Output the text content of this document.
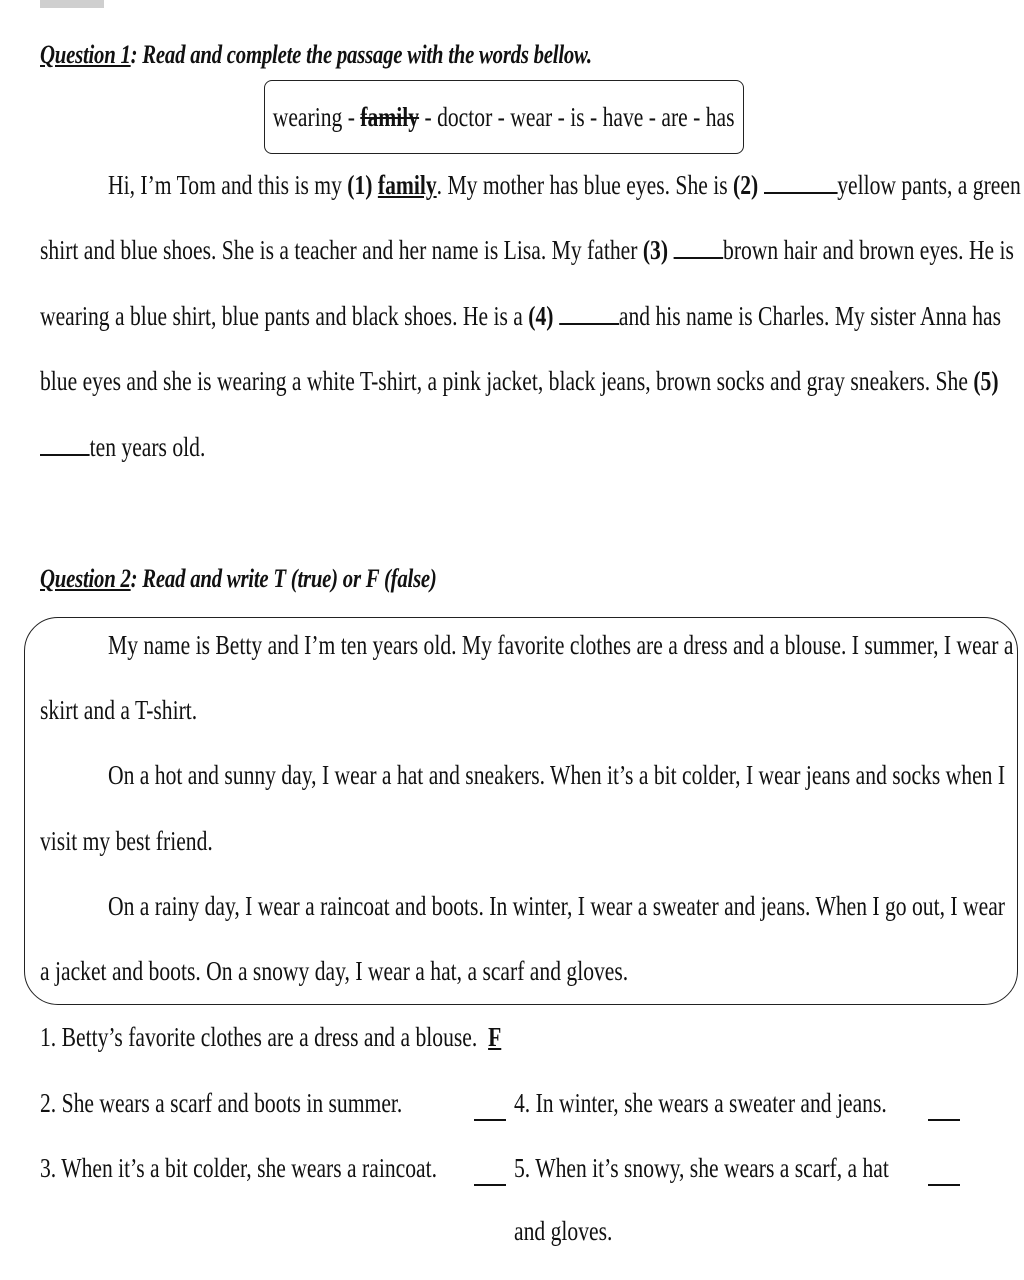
Question 1: Read and complete the passage with the words bellow.
wearing - family - doctor - wear - is - have - are - has
Hi, I’m Tom and this is my (1) family. My mother has blue eyes. She is (2)	yellow pants, a green
shirt and blue shoes. She is a teacher and her name is Lisa. My father (3) brown hair and brown eyes. He is
wearing a blue shirt, blue pants and black shoes. He is a (4) and his name is Charles. My sister Anna has
blue eyes and she is wearing a white T-shirt, a pink jacket, black jeans, brown socks and gray sneakers. She (5)
ten years old.
Question 2: Read and write T (true) or F (false)
My name is Betty and I’m ten years old. My favorite clothes are a dress and a blouse. I summer, I wear a
skirt and a T-shirt.
On a hot and sunny day, I wear a hat and sneakers. When it’s a bit colder, I wear jeans and socks when I
visit my best friend.
On a rainy day, I wear a raincoat and boots. In winter, I wear a sweater and jeans. When I go out, I wear
a jacket and boots. On a snowy day, I wear a hat, a scarf and gloves.
1. Betty’s favorite clothes are a dress and a blouse. F
2. She wears a scarf and boots in summer.
3. When it’s a bit colder, she wears a raincoat.
4. In winter, she wears a sweater and jeans.
5. When it’s snowy, she wears a scarf, a hat
and gloves.
